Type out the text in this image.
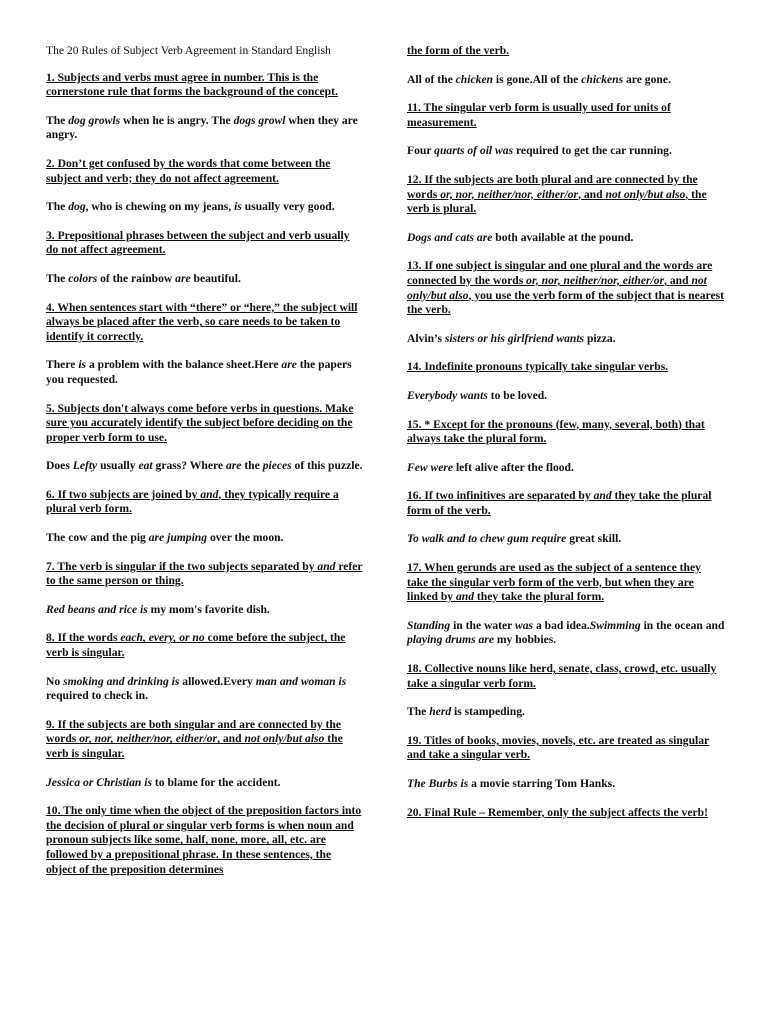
The 20 Rules of Subject Verb Agreement in Standard English

1. Subjects and verbs must agree in number. This is the cornerstone rule that forms the background of the concept.

The dog growls when he is angry. The dogs growl when they are angry.

2. Don’t get confused by the words that come between the subject and verb; they do not affect agreement.

The dog, who is chewing on my jeans, is usually very good.

3. Prepositional phrases between the subject and verb usually do not affect agreement.

The colors of the rainbow are beautiful.

4. When sentences start with “there” or “here,” the subject will always be placed after the verb, so care needs to be taken to identify it correctly.

There is a problem with the balance sheet.Here are the papers you requested.

5. Subjects don't always come before verbs in questions. Make sure you accurately identify the subject before deciding on the proper verb form to use.

Does Lefty usually eat grass? Where are the pieces of this puzzle.

6. If two subjects are joined by and, they typically require a plural verb form.

The cow and the pig are jumping over the moon.

7. The verb is singular if the two subjects separated by and refer to the same person or thing.

Red beans and rice is my mom's favorite dish.

8. If the words each, every, or no come before the subject, the verb is singular.

No smoking and drinking is allowed.Every man and woman is required to check in.

9. If the subjects are both singular and are connected by the words or, nor, neither/nor, either/or, and not only/but also the verb is singular.

Jessica or Christian is to blame for the accident.

10. The only time when the object of the preposition factors into the decision of plural or singular verb forms is when noun and pronoun subjects like some, half, none, more, all, etc. are followed by a prepositional phrase. In these sentences, the object of the preposition determines

the form of the verb.

All of the chicken is gone.All of the chickens are gone.

11. The singular verb form is usually used for units of measurement.

Four quarts of oil was required to get the car running.

12. If the subjects are both plural and are connected by the words or, nor, neither/nor, either/or, and not only/but also, the verb is plural.

Dogs and cats are both available at the pound.

13. If one subject is singular and one plural and the words are connected by the words or, nor, neither/nor, either/or, and not only/but also, you use the verb form of the subject that is nearest the verb.

Alvin’s sisters or his girlfriend wants pizza.

14. Indefinite pronouns typically take singular verbs.

Everybody wants to be loved.

15. * Except for the pronouns (few, many, several, both) that always take the plural form.

Few were left alive after the flood.

16. If two infinitives are separated by and they take the plural form of the verb.

To walk and to chew gum require great skill.

17. When gerunds are used as the subject of a sentence they take the singular verb form of the verb, but when they are linked by and they take the plural form.

Standing in the water was a bad idea.Swimming in the ocean and playing drums are my hobbies.

18. Collective nouns like herd, senate, class, crowd, etc. usually take a singular verb form.

The herd is stampeding.

19. Titles of books, movies, novels, etc. are treated as singular and take a singular verb.

The Burbs is a movie starring Tom Hanks.

20. Final Rule – Remember, only the subject affects the verb!
